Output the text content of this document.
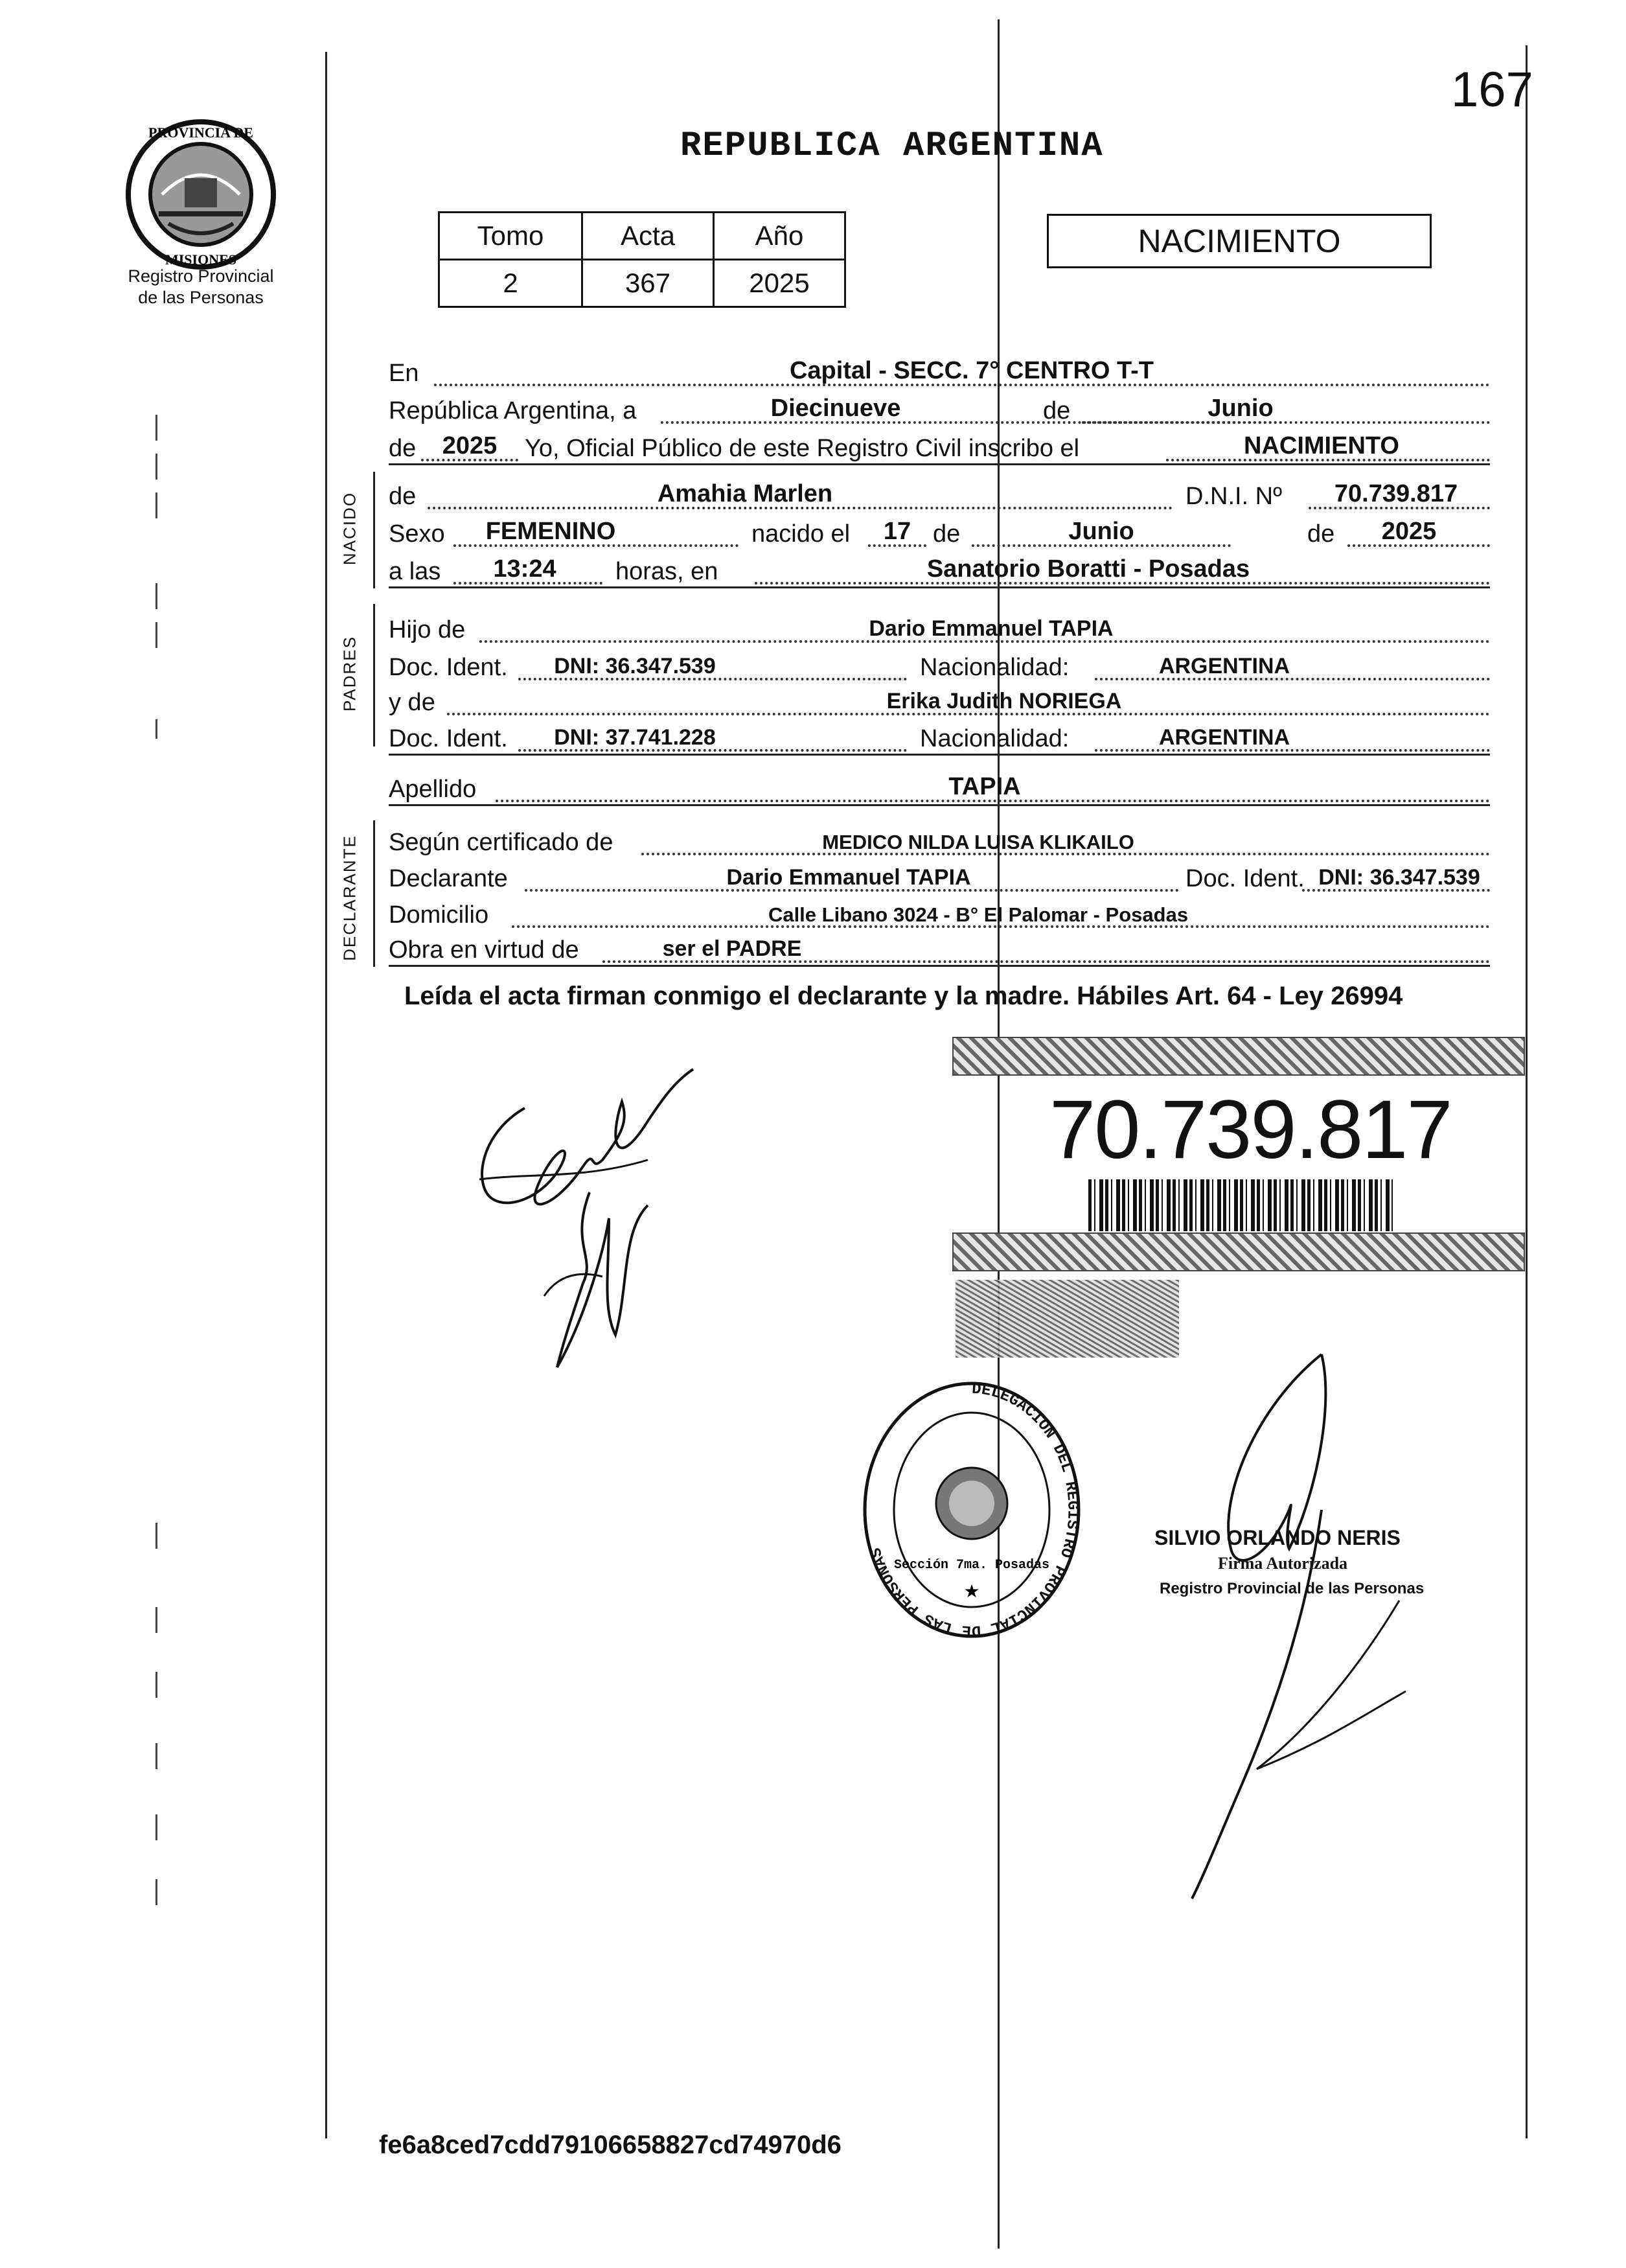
PROVINCIA DE
MISIONES
Registro Provincial
de las Personas
167
REPUBLICA ARGENTINA
Tomo	Acta	Año
2	367	2025
NACIMIENTO
En	Capital - SECC. 7° CENTRO T-T
República Argentina, a	Diecinueve	de	Junio
de	2025	Yo, Oficial Público de este Registro Civil inscribo el	NACIMIENTO
NACIDO de	Amahia Marlen	D.N.I. Nº	70.739.817
Sexo	FEMENINO	nacido el	17 de	Junio	de	2025
a las	13:24	horas, en	Sanatorio Boratti - Posadas
PADRES
Hijo de	Dario Emmanuel TAPIA
Doc. Ident.	DNI: 36.347.539	Nacionalidad:	ARGENTINA
y de	Erika Judith NORIEGA
Doc. Ident.	DNI: 37.741.228	Nacionalidad:	ARGENTINA
Apellido	TAPIA
DECLARANTE Según certificado de	MEDICO NILDA LUISA KLIKAILO
Declarante	Dario Emmanuel TAPIA	Doc. Ident. DNI: 36.347.539
Domicilio	Calle Libano 3024 - B° El Palomar - Posadas
Obra en virtud de	ser el PADRE
Leída el acta firman conmigo el declarante y la madre. Hábiles Art. 64 - Ley 26994
70.739.817
DELEGACION DEL REGISTRO PROVINCIAL DE LAS PERSONAS
Sección 7ma. Posadas
★
SILVIO ORLANDO NERIS
Firma Autorizada
Registro Provincial de las Personas
fe6a8ced7cdd79106658827cd74970d6
